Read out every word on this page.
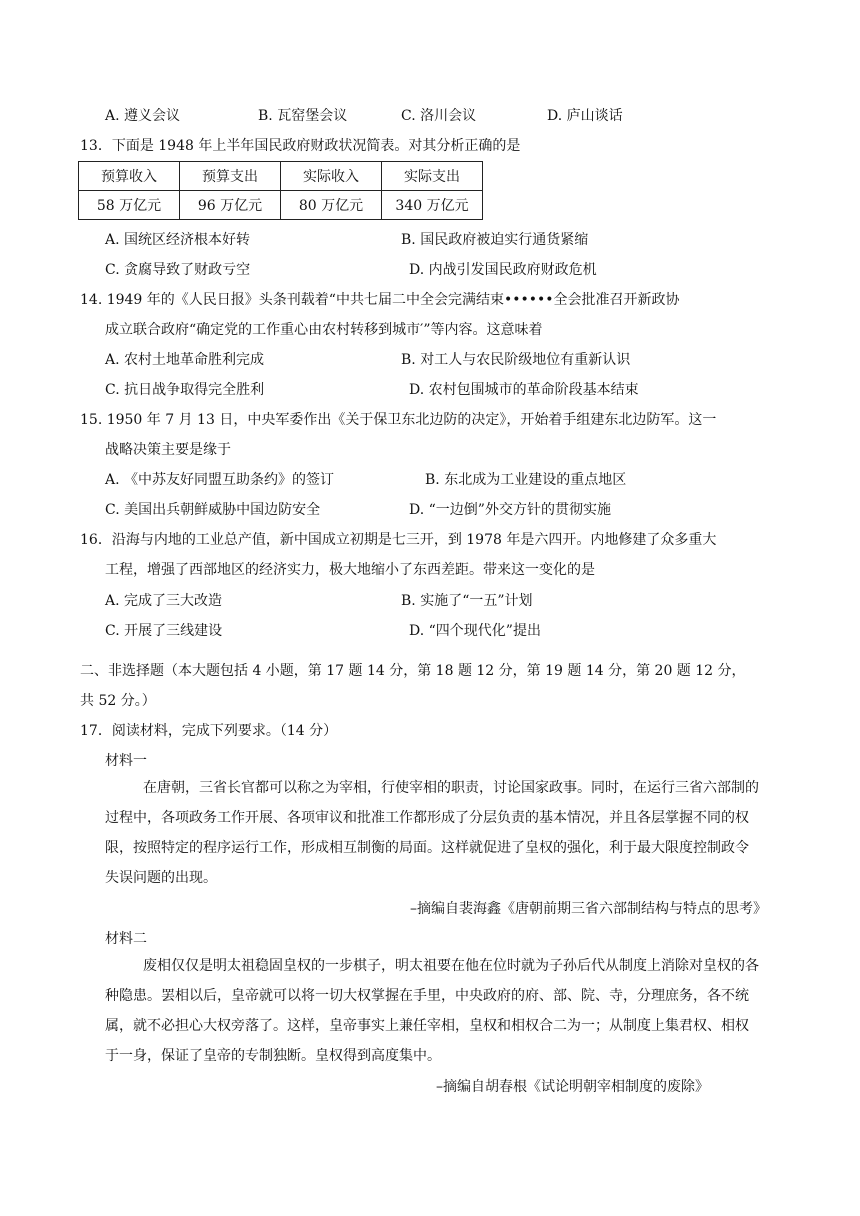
A. 遵义会议	B. 瓦窑堡会议	C. 洛川会议	D. 庐山谈话
13．下面是 1948 年上半年国民政府财政状况简表。对其分析正确的是
预算收入	预算支出	实际收入	实际支出
58 万亿元	96 万亿元	80 万亿元	340 万亿元
A. 国统区经济根本好转	B. 国民政府被迫实行通货紧缩
C. 贪腐导致了财政亏空	D. 内战引发国民政府财政危机
14. 1949 年的《人民日报》头条刊载着“中共七届二中全会完满结束••••••全会批准召开新政协
成立联合政府“确定党的工作重心由农村转移到城市′”等内容。这意味着
A. 农村土地革命胜利完成	B. 对工人与农民阶级地位有重新认识
C. 抗日战争取得完全胜利	D. 农村包围城市的革命阶段基本结束
15. 1950 年 7 月 13 日，中央军委作出《关于保卫东北边防的决定》，开始着手组建东北边防军。这一
战略决策主要是缘于
A. 《中苏友好同盟互助条约》的签订	B. 东北成为工业建设的重点地区
C. 美国出兵朝鲜威胁中国边防安全	D. “一边倒”外交方针的贯彻实施
16．沿海与内地的工业总产值，新中国成立初期是七三开，到 1978 年是六四开。内地修建了众多重大
工程，增强了西部地区的经济实力，极大地缩小了东西差距。带来这一变化的是
A. 完成了三大改造	B. 实施了“一五”计划
C. 开展了三线建设	D. “四个现代化”提出
二、非选择题（本大题包括 4 小题，第 17 题 14 分，第 18 题 12 分，第 19 题 14 分，第 20 题 12 分，
共 52 分。）
17．阅读材料，完成下列要求。（14 分）
材料一
在唐朝，三省长官都可以称之为宰相，行使宰相的职责，讨论国家政事。同时，在运行三省六部制的过程中，各项政务工作开展、各项审议和批准工作都形成了分层负责的基本情况，并且各层掌握不同的权限，按照特定的程序运行工作，形成相互制衡的局面。这样就促进了皇权的强化，利于最大限度控制政令失误问题的出现。
–摘编自裴海鑫《唐朝前期三省六部制结构与特点的思考》
材料二
废相仅仅是明太祖稳固皇权的一步棋子，明太祖要在他在位时就为子孙后代从制度上消除对皇权的各种隐患。罢相以后，皇帝就可以将一切大权掌握在手里，中央政府的府、部、院、寺，分理庶务，各不统属，就不必担心大权旁落了。这样，皇帝事实上兼任宰相，皇权和相权合二为一；从制度上集君权、相权于一身，保证了皇帝的专制独断。皇权得到高度集中。
–摘编自胡春根《试论明朝宰相制度的废除》
